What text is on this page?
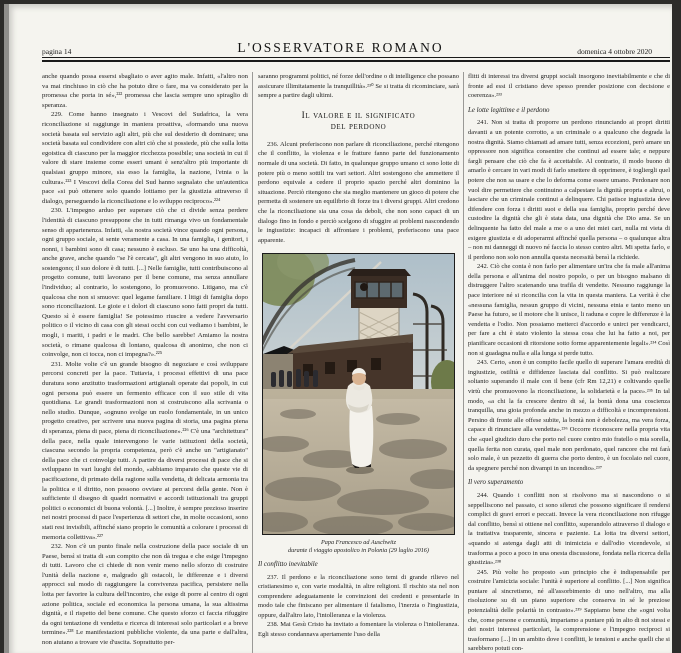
pagina 14	L'OSSERVATORE ROMANO	domenica 4 ottobre 2020

anche quando possa essersi sbagliato o aver agito male. Infatti, «l'altro non va mai rinchiuso in ciò che ha potuto dire o fare, ma va considerato per la promessa che porta in sé»,²²² promessa che lascia sempre uno spiraglio di speranza.

229. Come hanno insegnato i Vescovi del Sudafrica, la vera riconciliazione si raggiunge in maniera proattiva, «formando una nuova società basata sul servizio agli altri, più che sul desiderio di dominare; una società basata sul condividere con altri ciò che si possiede, più che sulla lotta egoistica di ciascuno per la maggior ricchezza possibile; una società in cui il valore di stare insieme come esseri umani è senz'altro più importante di qualsiasi gruppo minore, sia esso la famiglia, la nazione, l'etnia o la cultura».²²³ I Vescovi della Corea del Sud hanno segnalato che un'autentica pace «si può ottenere solo quando lottiamo per la giustizia attraverso il dialogo, perseguendo la riconciliazione e lo sviluppo reciproco».²²⁴

230. L'impegno arduo per superare ciò che ci divide senza perdere l'identità di ciascuno presuppone che in tutti rimanga vivo un fondamentale senso di appartenenza. Infatti, «la nostra società vince quando ogni persona, ogni gruppo sociale, si sente veramente a casa. In una famiglia, i genitori, i nonni, i bambini sono di casa; nessuno è escluso. Se uno ha una difficoltà, anche grave, anche quando "se l'è cercata", gli altri vengono in suo aiuto, lo sostengono; il suo dolore è di tutti. [...] Nelle famiglie, tutti contribuiscono al progetto comune, tutti lavorano per il bene comune, ma senza annullare l'individuo; al contrario, lo sostengono, lo promuovono. Litigano, ma c'è qualcosa che non si smuove: quel legame familiare. I litigi di famiglia dopo sono riconciliazioni. Le gioie e i dolori di ciascuno sono fatti propri da tutti. Questo sì è essere famiglia! Se potessimo riuscire a vedere l'avversario politico o il vicino di casa con gli stessi occhi con cui vediamo i bambini, le mogli, i mariti, i padri e le madri. Che bello sarebbe! Amiamo la nostra società, o rimane qualcosa di lontano, qualcosa di anonimo, che non ci coinvolge, non ci tocca, non ci impegna?».²²⁵

231. Molte volte c'è un grande bisogno di negoziare e così sviluppare percorsi concreti per la pace. Tuttavia, i processi effettivi di una pace duratura sono anzitutto trasformazioni artigianali operate dai popoli, in cui ogni persona può essere un fermento efficace con il suo stile di vita quotidiana. Le grandi trasformazioni non si costruiscono alla scrivania o nello studio. Dunque, «ognuno svolge un ruolo fondamentale, in un unico progetto creativo, per scrivere una nuova pagina di storia, una pagina piena di speranza, piena di pace, piena di riconciliazione».²²⁶ C'è una "architettura" della pace, nella quale intervengono le varie istituzioni della società, ciascuna secondo la propria competenza, però c'è anche un "artigianato" della pace che ci coinvolge tutti. A partire da diversi processi di pace che si sviluppano in vari luoghi del mondo, «abbiamo imparato che queste vie di pacificazione, di primato della ragione sulla vendetta, di delicata armonia tra la politica e il diritto, non possono ovviare ai percorsi della gente. Non è sufficiente il disegno di quadri normativi e accordi istituzionali tra gruppi politici o economici di buona volontà. [...] Inoltre, è sempre prezioso inserire nei nostri processi di pace l'esperienza di settori che, in molte occasioni, sono stati resi invisibili, affinché siano proprio le comunità a colorare i processi di memoria collettiva».²²⁷

232. Non c'è un punto finale nella costruzione della pace sociale di un Paese, bensì si tratta di «un compito che non dà tregua e che esige l'impegno di tutti. Lavoro che ci chiede di non venir meno nello sforzo di costruire l'unità della nazione e, malgrado gli ostacoli, le differenze e i diversi approcci sul modo di raggiungere la convivenza pacifica, persistere nella lotta per favorire la cultura dell'incontro, che esige di porre al centro di ogni azione politica, sociale ed economica la persona umana, la sua altissima dignità, e il rispetto del bene comune. Che questo sforzo ci faccia rifuggire da ogni tentazione di vendetta e ricerca di interessi solo particolari e a breve termine».²²⁸ Le manifestazioni pubbliche violente, da una parte e dall'altra, non aiutano a trovare vie d'uscita. Soprattutto per-

saranno programmi politici, né forze dell'ordine o di intelligence che possano assicurare illimitatamente la tranquillità».²³⁰ Se si tratta di ricominciare, sarà sempre a partire dagli ultimi.

Il valore e il significato
del perdono

236. Alcuni preferiscono non parlare di riconciliazione, perché ritengono che il conflitto, la violenza e le fratture fanno parte del funzionamento normale di una società. Di fatto, in qualunque gruppo umano ci sono lotte di potere più o meno sottili tra vari settori. Altri sostengono che ammettere il perdono equivale a cedere il proprio spazio perché altri dominino la situazione. Perciò ritengono che sia meglio mantenere un gioco di potere che permetta di sostenere un equilibrio di forze tra i diversi gruppi. Altri credono che la riconciliazione sia una cosa da deboli, che non sono capaci di un dialogo fino in fondo e perciò scelgono di sfuggire ai problemi nascondendo le ingiustizie: incapaci di affrontare i problemi, preferiscono una pace apparente.

Papa Francesco ad Auschwitz
durante il viaggio apostolico in Polonia (29 luglio 2016)
Il conflitto inevitabile

237. Il perdono e la riconciliazione sono temi di grande rilievo nel cristianesimo e, con varie modalità, in altre religioni. Il rischio sta nel non comprendere adeguatamente le convinzioni dei credenti e presentarle in modo tale che finiscano per alimentare il fatalismo, l'inerzia o l'ingiustizia, oppure, dall'altro lato, l'intolleranza e la violenza.

238. Mai Gesù Cristo ha invitato a fomentare la violenza o l'intolleranza. Egli stesso condannava apertamente l'uso della

flitti di interessi tra diversi gruppi sociali insorgono inevitabilmente e che di fronte ad essi il cristiano deve spesso prender posizione con decisione e coerenza».²³³

Le lotte legittime e il perdono

241. Non si tratta di proporre un perdono rinunciando ai propri diritti davanti a un potente corrotto, a un criminale o a qualcuno che degrada la nostra dignità. Siamo chiamati ad amare tutti, senza eccezioni, però amare un oppressore non significa consentire che continui ad essere tale; e neppure fargli pensare che ciò che fa è accettabile. Al contrario, il modo buono di amarlo è cercare in vari modi di farlo smettere di opprimere, è togliergli quel potere che non sa usare e che lo deforma come essere umano. Perdonare non vuol dire permettere che continuino a calpestare la dignità propria e altrui, o lasciare che un criminale continui a delinquere. Chi patisce ingiustizia deve difendere con forza i diritti suoi e della sua famiglia, proprio perché deve custodire la dignità che gli è stata data, una dignità che Dio ama. Se un delinquente ha fatto del male a me o a uno dei miei cari, nulla mi vieta di esigere giustizia e di adoperarmi affinché quella persona – o qualunque altra – non mi danneggi di nuovo né faccia lo stesso contro altri. Mi spetta farlo, e il perdono non solo non annulla questa necessità bensì la richiede.

242. Ciò che conta è non farlo per alimentare un'ira che fa male all'anima della persona e all'anima del nostro popolo, o per un bisogno malsano di distruggere l'altro scatenando una trafila di vendette. Nessuno raggiunge la pace interiore né si riconcilia con la vita in questa maniera. La verità è che «nessuna famiglia, nessun gruppo di vicini, nessuna etnia e tanto meno un Paese ha futuro, se il motore che li unisce, li raduna e copre le differenze è la vendetta e l'odio. Non possiamo metterci d'accordo e unirci per vendicarci, per fare a chi è stato violento la stessa cosa che lui ha fatto a noi, per pianificare occasioni di ritorsione sotto forme apparentemente legali».²³⁴ Così non si guadagna nulla e alla lunga si perde tutto.

243. Certo, «non è un compito facile quello di superare l'amara eredità di ingiustizie, ostilità e diffidenze lasciata dal conflitto. Si può realizzare soltanto superando il male con il bene (cfr Rm 12,21) e coltivando quelle virtù che promuovono la riconciliazione, la solidarietà e la pace».²³⁵ In tal modo, «a chi la fa crescere dentro di sé, la bontà dona una coscienza tranquilla, una gioia profonda anche in mezzo a difficoltà e incomprensioni. Persino di fronte alle offese subite, la bontà non è debolezza, ma vera forza, capace di rinunciare alla vendetta».²³⁶ Occorre riconoscere nella propria vita che «quel giudizio duro che porto nel cuore contro mio fratello o mia sorella, quella ferita non curata, quel male non perdonato, quel rancore che mi farà solo male, è un pezzetto di guerra che porto dentro, è un focolaio nel cuore, da spegnere perché non divampi in un incendio».²³⁷

Il vero superamento

244. Quando i conflitti non si risolvono ma si nascondono o si seppelliscono nel passato, ci sono silenzi che possono significare il rendersi complici di gravi errori e peccati. Invece la vera riconciliazione non rifugge dal conflitto, bensì si ottiene nel conflitto, superandolo attraverso il dialogo e la trattativa trasparente, sincera e paziente. La lotta tra diversi settori, «quando si astenga dagli atti di inimicizia e dall'odio vicendevole, si trasforma a poco a poco in una onesta discussione, fondata nella ricerca della giustizia».²³⁸

245. Più volte ho proposto «un principio che è indispensabile per costruire l'amicizia sociale: l'unità è superiore al conflitto. [...] Non significa puntare al sincretismo, né all'assorbimento di uno nell'altro, ma alla risoluzione su di un piano superiore che conserva in sé le preziose potenzialità delle polarità in contrasto».²³⁹ Sappiamo bene che «ogni volta che, come persone e comunità, impariamo a puntare più in alto di noi stessi e dei nostri interessi particolari, la comprensione e l'impegno reciproci si trasformano [...] in un ambito dove i conflitti, le tensioni e anche quelli che si sarebbero potuti con-
